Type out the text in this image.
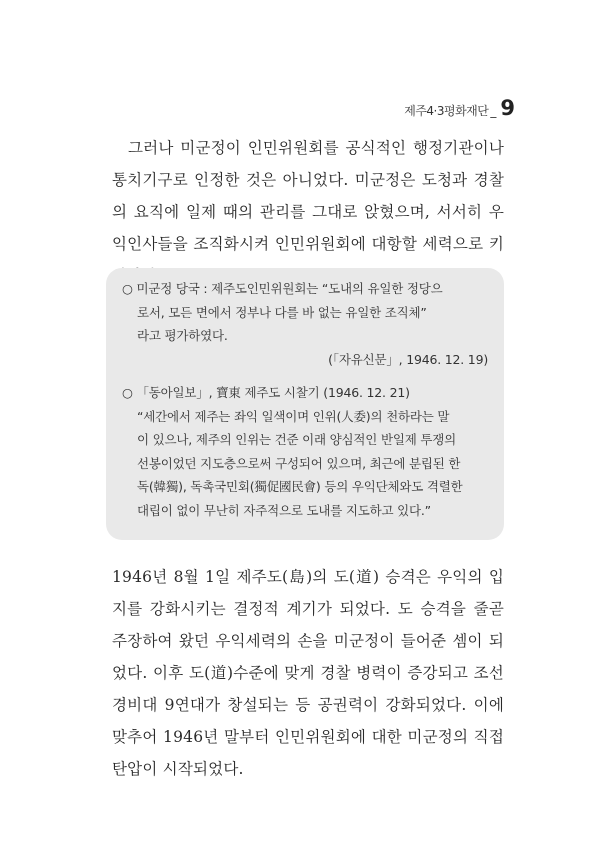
제주4·3평화재단 _ 9

그러나 미군정이 인민위원회를 공식적인 행정기관이나 통치기구로 인정한 것은 아니었다. 미군정은 도청과 경찰의 요직에 일제 때의 관리를 그대로 앉혔으며, 서서히 우익인사들을 조직화시켜 인민위원회에 대항할 세력으로 키

○ 미군정 당국 : 제주도인민위원회는 “도내의 유일한 정당으

로서, 모든 면에서 정부나 다를 바 없는 유일한 조직체”

라고 평가하였다.

(「자유신문」, 1946. 12. 19)

○ 「동아일보」, 寶東 제주도 시찰기 (1946. 12. 21)

“세간에서 제주는 좌익 일색이며 인위(人委)의 천하라는 말

이 있으나, 제주의 인위는 건준 이래 양심적인 반일제 투쟁의

선봉이었던 지도층으로써 구성되어 있으며, 최근에 분립된 한

독(韓獨), 독촉국민회(獨促國民會) 등의 우익단체와도 격렬한

대립이 없이 무난히 자주적으로 도내를 지도하고 있다.”

1946년 8월 1일 제주도(島)의 도(道) 승격은 우익의 입지를 강화시키는 결정적 계기가 되었다. 도 승격을 줄곧 주장하여 왔던 우익세력의 손을 미군정이 들어준 셈이 되었다. 이후 도(道)수준에 맞게 경찰 병력이 증강되고 조선경비대 9연대가 창설되는 등 공권력이 강화되었다. 이에 맞추어 1946년 말부터 인민위원회에 대한 미군정의 직접 탄압이 시작되었다.
